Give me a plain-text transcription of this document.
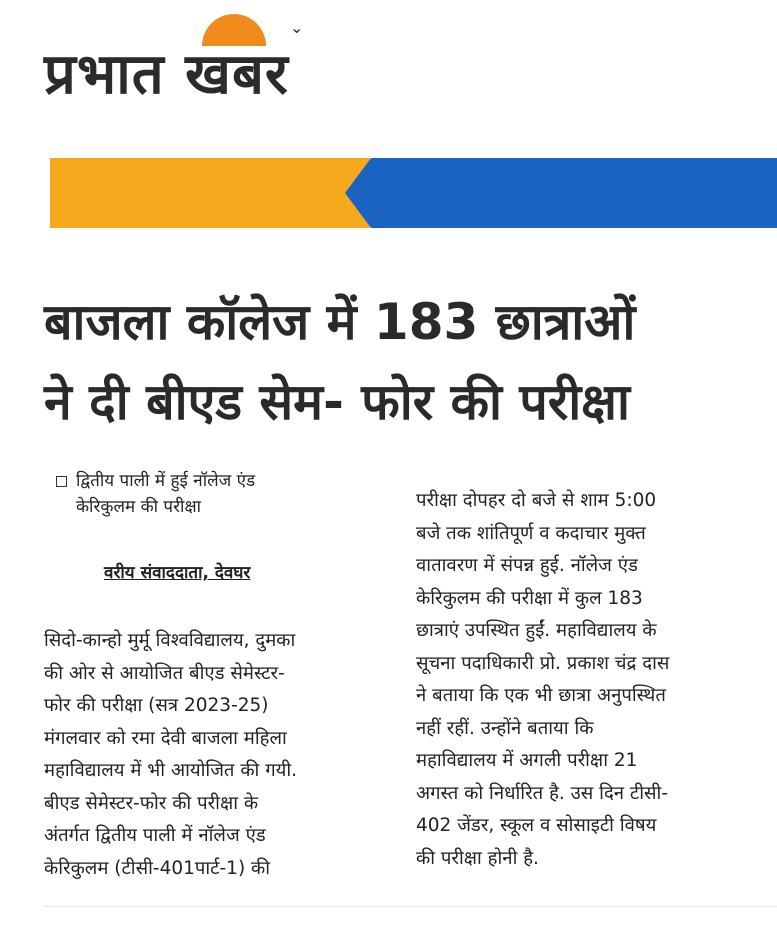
⌄
प्रभात खबर
बाजला कॉलेज में 183 छात्राओं
ने दी बीएड सेम- फोर की परीक्षा
द्वितीय पाली में हुई नॉलेज एंड
केरिकुलम की परीक्षा
वरीय संवाददाता, देवघर
सिदो-कान्हो मुर्मू विश्वविद्यालय, दुमका
की ओर से आयोजित बीएड सेमेस्टर-
फोर की परीक्षा (सत्र 2023-25)
मंगलवार को रमा देवी बाजला महिला
महाविद्यालय में भी आयोजित की गयी.
बीएड सेमेस्टर-फोर की परीक्षा के
अंतर्गत द्वितीय पाली में नॉलेज एंड
केरिकुलम (टीसी-401पार्ट-1) की
परीक्षा दोपहर दो बजे से शाम 5:00
बजे तक शांतिपूर्ण व कदाचार मुक्त
वातावरण में संपन्न हुई. नॉलेज एंड
केरिकुलम की परीक्षा में कुल 183
छात्राएं उपस्थित हुईं. महाविद्यालय के
सूचना पदाधिकारी प्रो. प्रकाश चंद्र दास
ने बताया कि एक भी छात्रा अनुपस्थित
नहीं रहीं. उन्होंने बताया कि
महाविद्यालय में अगली परीक्षा 21
अगस्त को निर्धारित है. उस दिन टीसी-
402 जेंडर, स्कूल व सोसाइटी विषय
की परीक्षा होनी है.
